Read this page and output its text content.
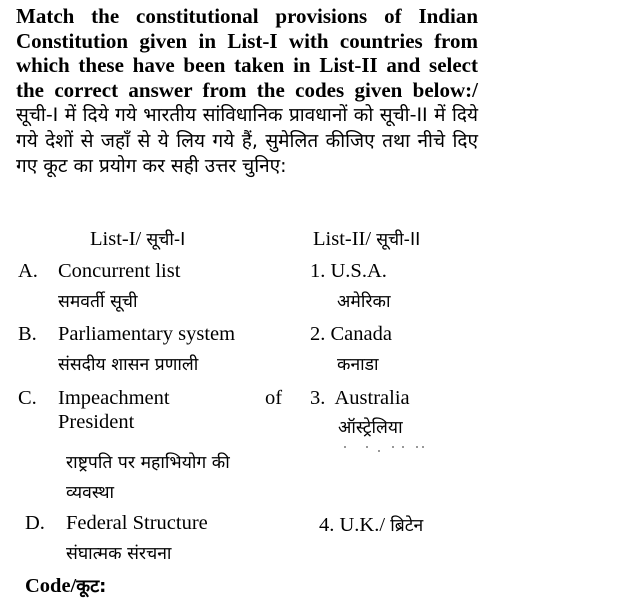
Match the constitutional provisions of Indian Constitution given in List-I with countries from which these have been taken in List-II and select the correct answer from the codes given below:/सूची-I में दिये गये भारतीय सांविधानिक प्रावधानों को सूची-II में दिये गये देशों से जहाँ से ये लिय गये हैं, सुमेलित कीजिए तथा नीचे दिए गए कूट का प्रयोग कर सही उत्तर चुनिए:
List-I/ सूची-I	List-II/ सूची-II
A. Concurrent list
समवर्ती सूची
1. U.S.A.
अमेरिका
B. Parliamentary system
संसदीय शासन प्रणाली
2. Canada
कनाडा
C. Impeachment	of
President
राष्ट्रपति पर महाभियोग की
व्यवस्था
3. Australia
ऑस्ट्रेलिया
D. Federal Structure
संघात्मक संरचना
4. U.K./ ब्रिटेन
Code/कूट:
